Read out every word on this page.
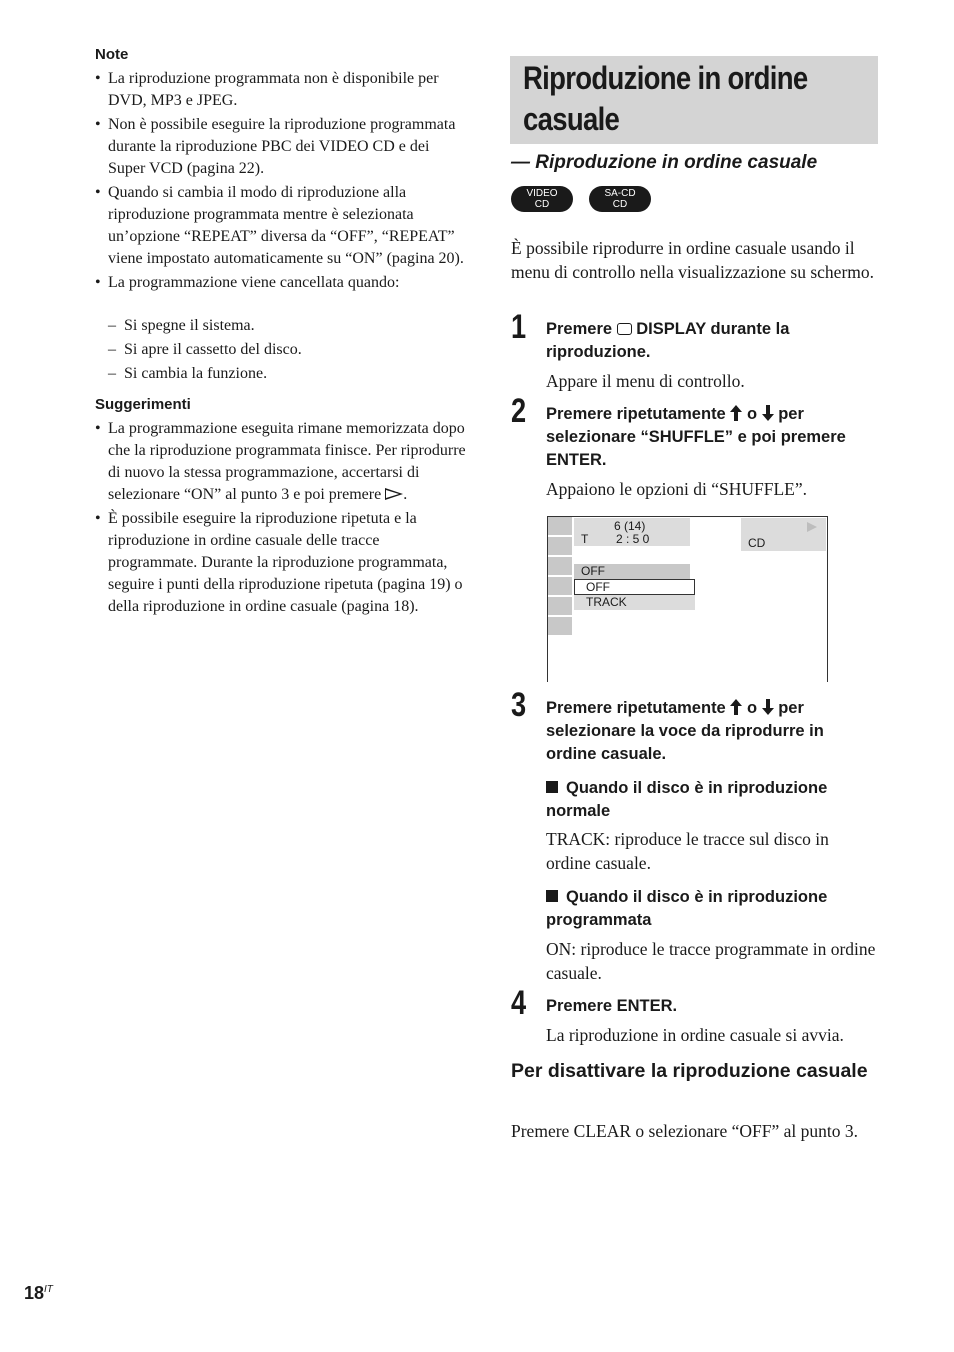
Note
• La riproduzione programmata non è disponibile per DVD, MP3 e JPEG.
• Non è possibile eseguire la riproduzione programmata durante la riproduzione PBC dei VIDEO CD e dei Super VCD (pagina 22).
• Quando si cambia il modo di riproduzione alla riproduzione programmata mentre è selezionata un’opzione “REPEAT” diversa da “OFF”, “REPEAT” viene impostato automaticamente su “ON” (pagina 20).
• La programmazione viene cancellata quando:
– Si spegne il sistema.
– Si apre il cassetto del disco.
– Si cambia la funzione.
Suggerimenti
• La programmazione eseguita rimane memorizzata dopo che la riproduzione programmata finisce. Per riprodurre di nuovo la stessa programmazione, accertarsi di selezionare “ON” al punto 3 e poi premere .
• È possibile eseguire la riproduzione ripetuta e la riproduzione in ordine casuale delle tracce programmate. Durante la riproduzione programmata, seguire i punti della riproduzione ripetuta (pagina 19) o della riproduzione in ordine casuale (pagina 18).
Riproduzione in ordine
casuale
— Riproduzione in ordine casuale
VIDEO
CD
SA-CD
CD
È possibile riprodurre in ordine casuale usando il menu di controllo nella visualizzazione su schermo.
1 Premere DISPLAY durante la riproduzione.
Appare il menu di controllo.
2 Premere ripetutamente o per selezionare “SHUFFLE” e poi premere ENTER.
Appaiono le opzioni di “SHUFFLE”.
6 (14)
T 2 : 5 0	CD
OFF
OFF
TRACK
3 Premere ripetutamente o per selezionare la voce da riprodurre in ordine casuale.
Quando il disco è in riproduzione normale
TRACK: riproduce le tracce sul disco in ordine casuale.
Quando il disco è in riproduzione programmata
ON: riproduce le tracce programmate in ordine casuale.
4 Premere ENTER.
La riproduzione in ordine casuale si avvia.
Per disattivare la riproduzione casuale
Premere CLEAR o selezionare “OFF” al punto 3.
$18^{IT}$
